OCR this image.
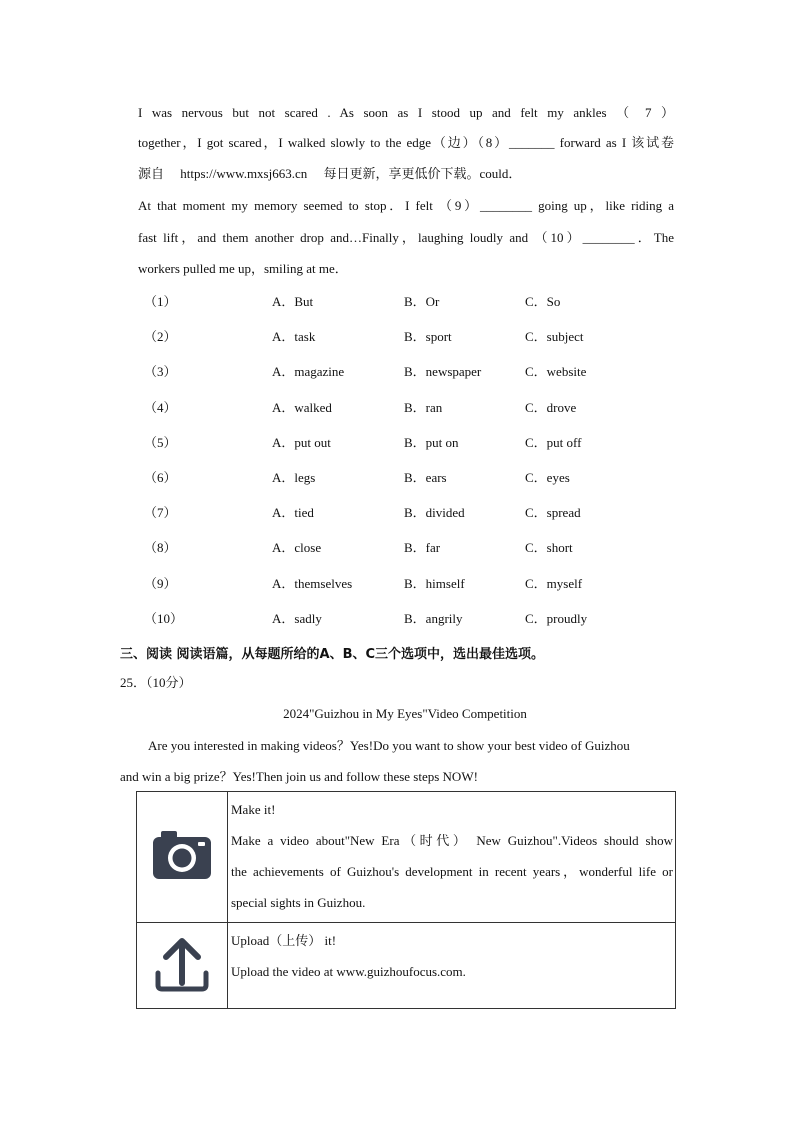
I was nervous but not scared . As soon as I stood up and felt my ankles （ 7 ）
together，I got scared，I walked slowly to the edge（边）（8）_______ forward as I 该试卷
源自　 https://www.mxsj663.cn　 每日更新，享更低价下载。could．
At that moment my memory seemed to stop．I felt （9）________ going up，like riding a
fast lift，and them another drop and…Finally，laughing loudly and （10）________．The
workers pulled me up，smiling at me．
（1）	A．But	B．Or	C．So
（2）	A．task	B．sport	C．subject
（3）	A．magazine	B．newspaper	C．website
（4）	A．walked	B．ran	C．drove
（5）	A．put out	B．put on	C．put off
（6）	A．legs	B．ears	C．eyes
（7）	A．tied	B．divided	C．spread
（8）	A．close	B．far	C．short
（9）	A．themselves	B．himself	C．myself
（10）	A．sadly	B．angrily	C．proudly
三、阅读 阅读语篇，从每题所给的A、B、C三个选项中，选出最佳选项。
25．（10分）
2024"Guizhou in My Eyes"Video Competition
Are you interested in making videos？Yes!Do you want to show your best video of Guizhou
and win a big prize？Yes!Then join us and follow these steps NOW!

Make it!
Make a video about"New Era（时代） New Guizhou".Videos should show
the achievements of Guizhou's development in recent years，wonderful life or
special sights in Guizhou.

Upload（上传） it!
Upload the video at www.guizhoufocus.com.
